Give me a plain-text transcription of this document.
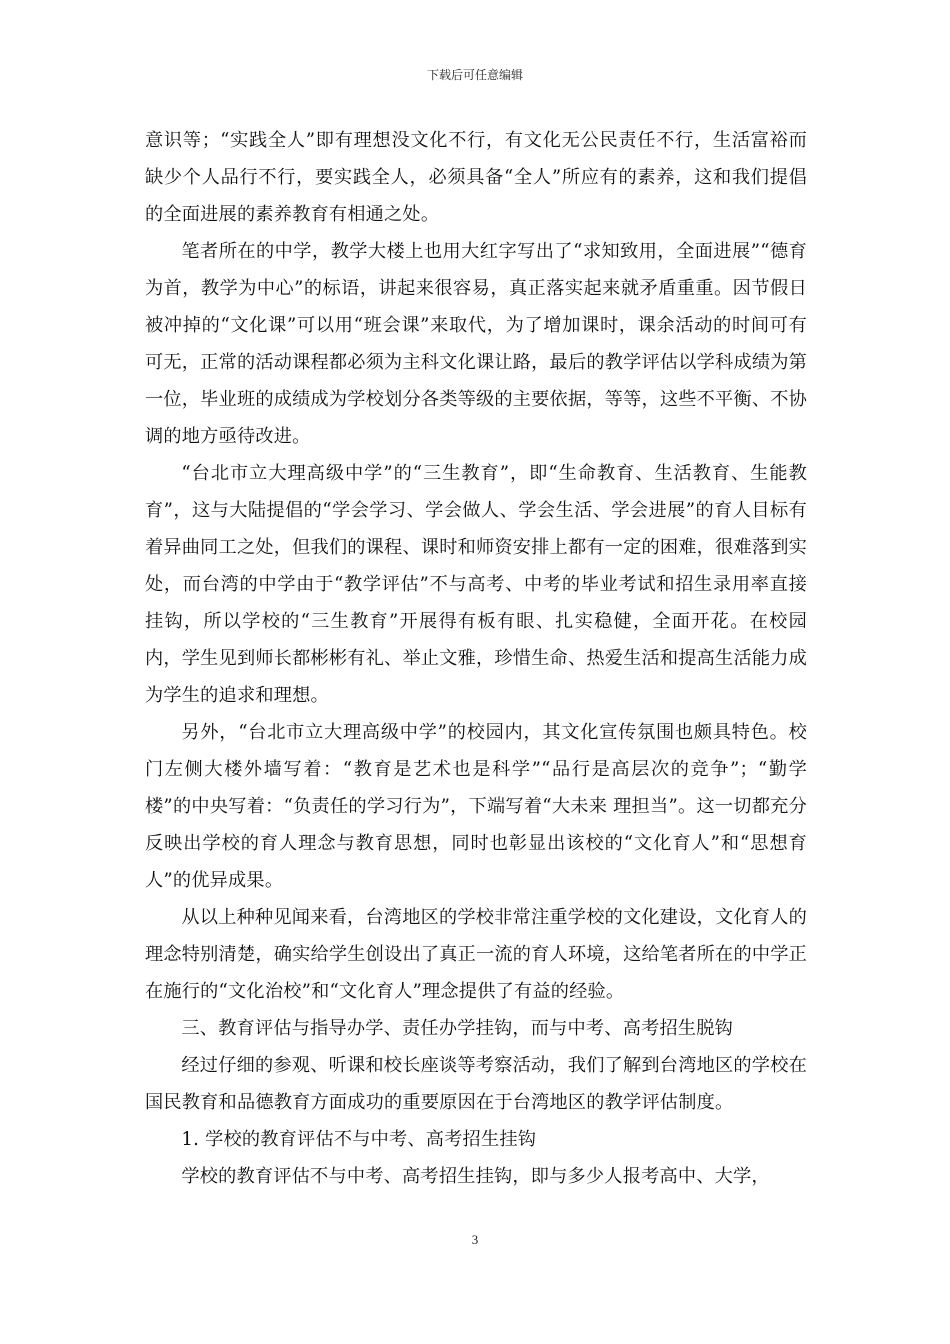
下载后可任意编辑

意识等；“实践全人”即有理想没文化不行，有文化无公民责任不行，生活富裕而缺少个人品行不行，要实践全人，必须具备“全人”所应有的素养，这和我们提倡的全面进展的素养教育有相通之处。

笔者所在的中学，教学大楼上也用大红字写出了“求知致用，全面进展”“德育为首，教学为中心”的标语，讲起来很容易，真正落实起来就矛盾重重。因节假日被冲掉的“文化课”可以用“班会课”来取代，为了增加课时，课余活动的时间可有可无，正常的活动课程都必须为主科文化课让路，最后的教学评估以学科成绩为第一位，毕业班的成绩成为学校划分各类等级的主要依据，等等，这些不平衡、不协调的地方亟待改进。

“台北市立大理高级中学”的“三生教育”，即“生命教育、生活教育、生能教育”，这与大陆提倡的“学会学习、学会做人、学会生活、学会进展”的育人目标有着异曲同工之处，但我们的课程、课时和师资安排上都有一定的困难，很难落到实处，而台湾的中学由于“教学评估”不与高考、中考的毕业考试和招生录用率直接挂钩，所以学校的“三生教育”开展得有板有眼、扎实稳健，全面开花。在校园内，学生见到师长都彬彬有礼、举止文雅，珍惜生命、热爱生活和提高生活能力成为学生的追求和理想。

另外，“台北市立大理高级中学”的校园内，其文化宣传氛围也颇具特色。校门左侧大楼外墙写着：“教育是艺术也是科学”“品行是高层次的竞争”；“勤学楼”的中央写着：“负责任的学习行为”，下端写着“大未来 理担当”。这一切都充分反映出学校的育人理念与教育思想，同时也彰显出该校的“文化育人”和“思想育人”的优异成果。

从以上种种见闻来看，台湾地区的学校非常注重学校的文化建设，文化育人的理念特别清楚，确实给学生创设出了真正一流的育人环境，这给笔者所在的中学正在施行的“文化治校”和“文化育人”理念提供了有益的经验。

三、教育评估与指导办学、责任办学挂钩，而与中考、高考招生脱钩

经过仔细的参观、听课和校长座谈等考察活动，我们了解到台湾地区的学校在国民教育和品德教育方面成功的重要原因在于台湾地区的教学评估制度。

1. 学校的教育评估不与中考、高考招生挂钩

学校的教育评估不与中考、高考招生挂钩，即与多少人报考高中、大学，

3
